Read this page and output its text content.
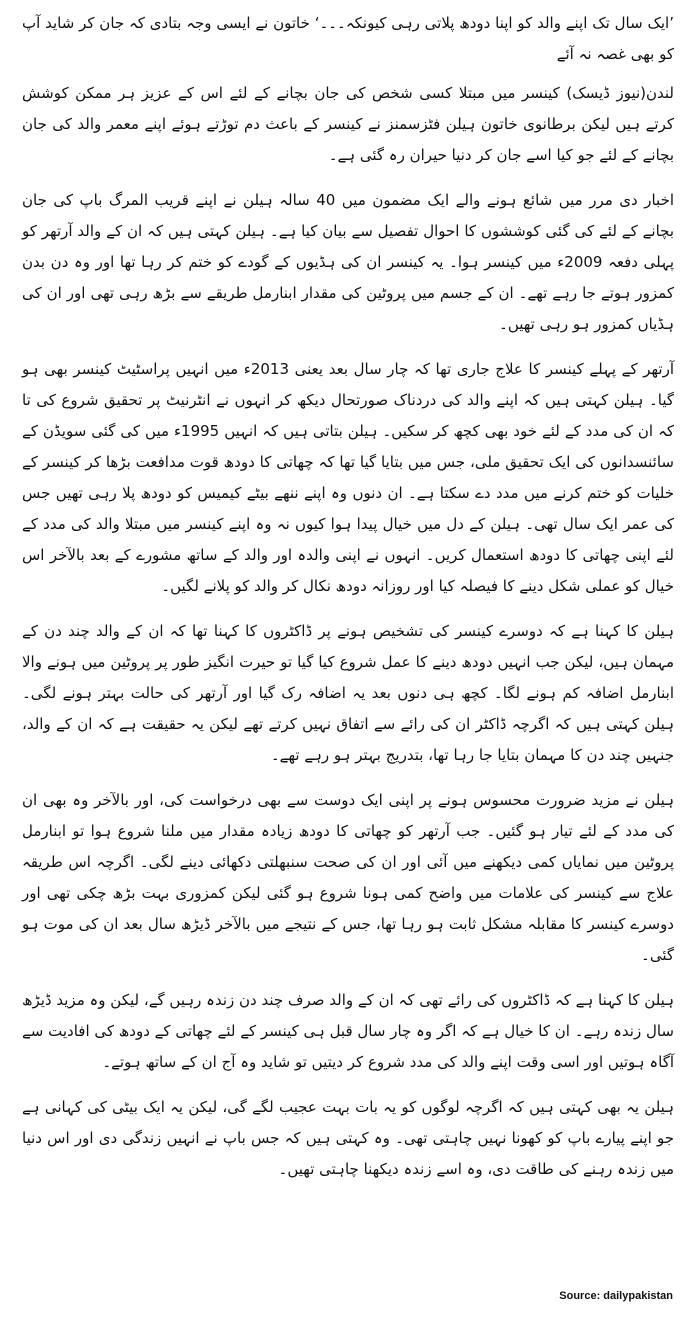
’ایک سال تک اپنے والد کو اپنا دودھ پلاتی رہی کیونکہ۔۔۔‘ خاتون نے ایسی وجہ بتادی کہ جان کر شاید آپ کو بھی غصہ نہ آئے

لندن(نیوز ڈیسک) کینسر میں مبتلا کسی شخص کی جان بچانے کے لئے اس کے عزیز ہر ممکن کوشش کرتے ہیں لیکن برطانوی خاتون ہیلن فٹزسمنز نے کینسر کے باعث دم توڑتے ہوئے اپنے معمر والد کی جان بچانے کے لئے جو کیا اسے جان کر دنیا حیران رہ گئی ہے۔

اخبار دی مرر میں شائع ہونے والے ایک مضمون میں 40 سالہ ہیلن نے اپنے قریب المرگ باپ کی جان بچانے کے لئے کی گئی کوششوں کا احوال تفصیل سے بیان کیا ہے۔ ہیلن کہتی ہیں کہ ان کے والد آرتھر کو پہلی دفعہ 2009ء میں کینسر ہوا۔ یہ کینسر ان کی ہڈیوں کے گودے کو ختم کر رہا تھا اور وہ دن بدن کمزور ہوتے جا رہے تھے۔ ان کے جسم میں پروٹین کی مقدار ابنارمل طریقے سے بڑھ رہی تھی اور ان کی ہڈیاں کمزور ہو رہی تھیں۔

آرتھر کے پہلے کینسر کا علاج جاری تھا کہ چار سال بعد یعنی 2013ء میں انہیں پراسٹیٹ کینسر بھی ہو گیا۔ ہیلن کہتی ہیں کہ اپنے والد کی دردناک صورتحال دیکھ کر انہوں نے انٹرنیٹ پر تحقیق شروع کی تا کہ ان کی مدد کے لئے خود بھی کچھ کر سکیں۔ ہیلن بتاتی ہیں کہ انہیں 1995ء میں کی گئی سویڈن کے سائنسدانوں کی ایک تحقیق ملی، جس میں بتایا گیا تھا کہ چھاتی کا دودھ قوت مدافعت بڑھا کر کینسر کے خلیات کو ختم کرنے میں مدد دے سکتا ہے۔ ان دنوں وہ اپنے ننھے بیٹے کیمیس کو دودھ پلا رہی تھیں جس کی عمر ایک سال تھی۔ ہیلن کے دل میں خیال پیدا ہوا کیوں نہ وہ اپنے کینسر میں مبتلا والد کی مدد کے لئے اپنی چھاتی کا دودھ استعمال کریں۔ انہوں نے اپنی والدہ اور والد کے ساتھ مشورے کے بعد بالآخر اس خیال کو عملی شکل دینے کا فیصلہ کیا اور روزانہ دودھ نکال کر والد کو پلانے لگیں۔

ہیلن کا کہنا ہے کہ دوسرے کینسر کی تشخیص ہونے پر ڈاکٹروں کا کہنا تھا کہ ان کے والد چند دن کے مہمان ہیں، لیکن جب انہیں دودھ دینے کا عمل شروع کیا گیا تو حیرت انگیز طور پر پروٹین میں ہونے والا ابنارمل اضافہ کم ہونے لگا۔ کچھ ہی دنوں بعد یہ اضافہ رک گیا اور آرتھر کی حالت بہتر ہونے لگی۔ ہیلن کہتی ہیں کہ اگرچہ ڈاکٹر ان کی رائے سے اتفاق نہیں کرتے تھے لیکن یہ حقیقت ہے کہ ان کے والد، جنہیں چند دن کا مہمان بتایا جا رہا تھا، بتدریج بہتر ہو رہے تھے۔

ہیلن نے مزید ضرورت محسوس ہونے پر اپنی ایک دوست سے بھی درخواست کی، اور بالآخر وہ بھی ان کی مدد کے لئے تیار ہو گئیں۔ جب آرتھر کو چھاتی کا دودھ زیادہ مقدار میں ملنا شروع ہوا تو ابنارمل پروٹین میں نمایاں کمی دیکھنے میں آئی اور ان کی صحت سنبھلتی دکھائی دینے لگی۔ اگرچہ اس طریقہ علاج سے کینسر کی علامات میں واضح کمی ہونا شروع ہو گئی لیکن کمزوری بہت بڑھ چکی تھی اور دوسرے کینسر کا مقابلہ مشکل ثابت ہو رہا تھا، جس کے نتیجے میں بالآخر ڈیڑھ سال بعد ان کی موت ہو گئی۔

ہیلن کا کہنا ہے کہ ڈاکٹروں کی رائے تھی کہ ان کے والد صرف چند دن زندہ رہیں گے، لیکن وہ مزید ڈیڑھ سال زندہ رہے۔ ان کا خیال ہے کہ اگر وہ چار سال قبل ہی کینسر کے لئے چھاتی کے دودھ کی افادیت سے آگاہ ہوتیں اور اسی وقت اپنے والد کی مدد شروع کر دیتیں تو شاید وہ آج ان کے ساتھ ہوتے۔

ہیلن یہ بھی کہتی ہیں کہ اگرچہ لوگوں کو یہ بات بہت عجیب لگے گی، لیکن یہ ایک بیٹی کی کہانی ہے جو اپنے پیارے باپ کو کھونا نہیں چاہتی تھی۔ وہ کہتی ہیں کہ جس باپ نے انہیں زندگی دی اور اس دنیا میں زندہ رہنے کی طاقت دی، وہ اسے زندہ دیکھنا چاہتی تھیں۔

Source: dailypakistan
